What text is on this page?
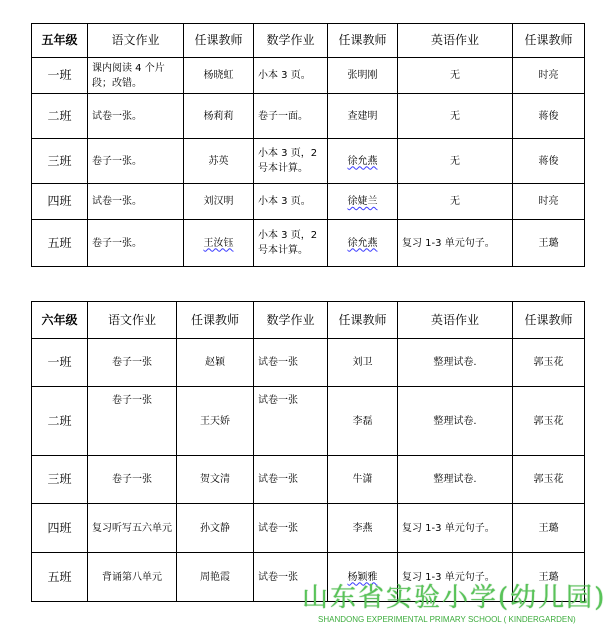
五年级	语文作业	任课教师	数学作业	任课教师	英语作业	任课教师
一班	课内阅读 4 个片段；改错。	杨晓虹	小本 3 页。	张明刚	无	时亮
二班	试卷一张。	杨莉莉	卷子一面。	查建明	无	蒋俊
三班	卷子一张。	苏英	小本 3 页，2 号本计算。	徐允燕	无	蒋俊
四班	试卷一张。	刘汉明	小本 3 页。	徐婕兰	无	时亮
五班	卷子一张。	王汝钰	小本 3 页，2 号本计算。	徐允燕	复习 1-3 单元句子。	王璐
六年级	语文作业	任课教师	数学作业	任课教师	英语作业	任课教师
一班	卷子一张	赵颖	试卷一张	刘卫	整理试卷.	郭玉花
二班	卷子一张	王天娇	试卷一张	李磊	整理试卷.	郭玉花
三班	卷子一张	贺文清	试卷一张	牛潇	整理试卷.	郭玉花
四班	复习听写五六单元	孙文静	试卷一张	李燕	复习 1-3 单元句子。	王璐
五班	背诵第八单元	周艳霞	试卷一张	杨颖雅	复习 1-3 单元句子。	王璐
山东省实验小学(幼儿园)
SHANDONG EXPERIMENTAL PRIMARY SCHOOL ( KINDERGARDEN)
